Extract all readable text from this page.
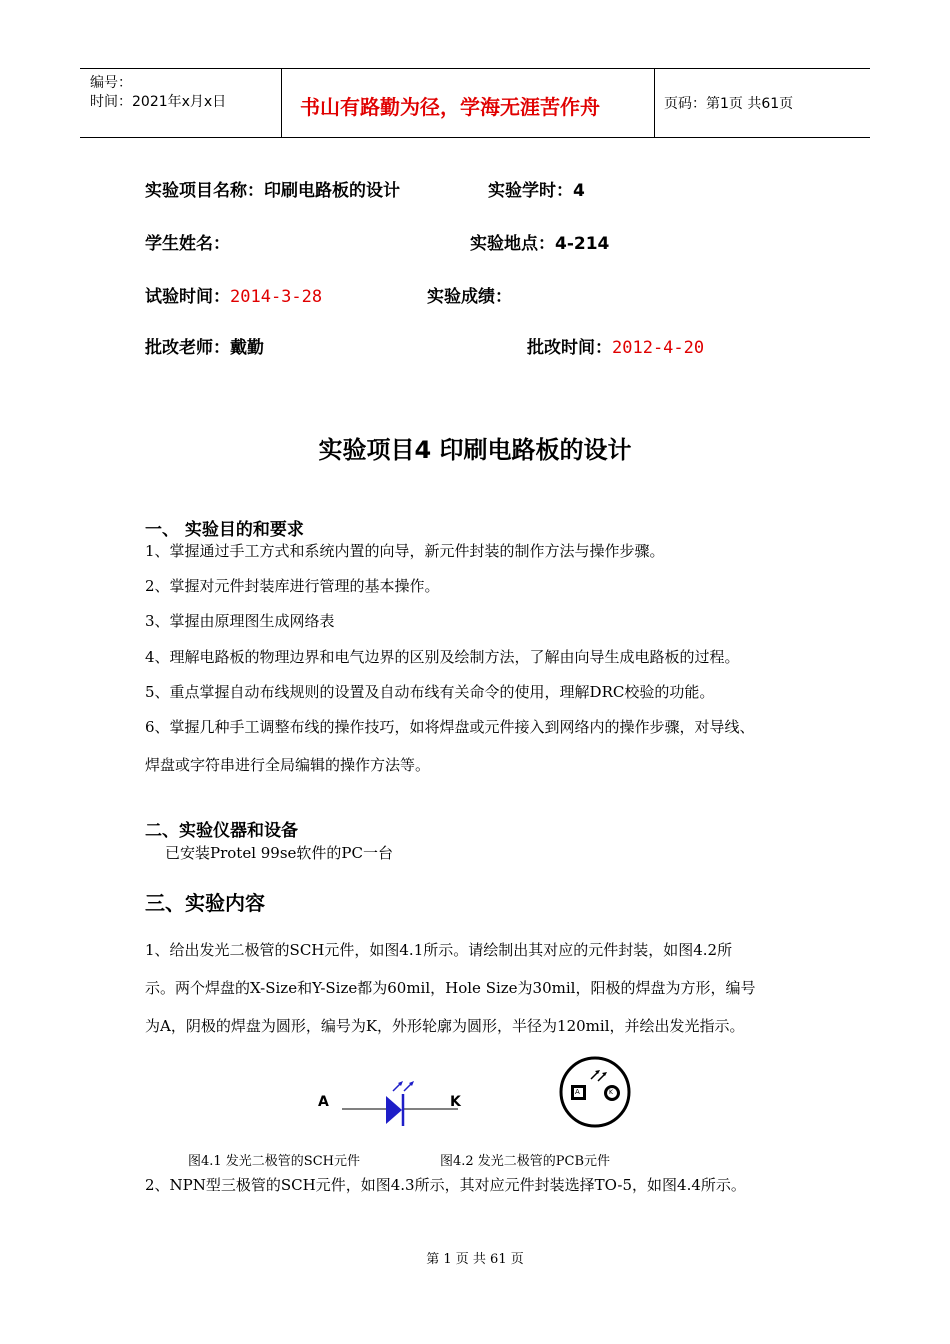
编号：
时间：2021年x月x日	书山有路勤为径，学海无涯苦作舟	页码：第1页 共61页
实验项目名称：印刷电路板的设计	实验学时：4
学生姓名：	实验地点：4-214
试验时间：2014-3-28	实验成绩：
批改老师：戴勤	批改时间：2012-4-20
实验项目4 印刷电路板的设计
一、 实验目的和要求
1、掌握通过手工方式和系统内置的向导，新元件封装的制作方法与操作步骤。
2、掌握对元件封装库进行管理的基本操作。
3、掌握由原理图生成网络表
4、理解电路板的物理边界和电气边界的区别及绘制方法，了解由向导生成电路板的过程。
5、重点掌握自动布线规则的设置及自动布线有关命令的使用，理解DRC校验的功能。
6、掌握几种手工调整布线的操作技巧，如将焊盘或元件接入到网络内的操作步骤，对导线、
焊盘或字符串进行全局编辑的操作方法等。
二、实验仪器和设备
已安装Protel 99se软件的PC一台
三、实验内容
1、给出发光二极管的SCH元件，如图4.1所示。请绘制出其对应的元件封装，如图4.2所
示。两个焊盘的X-Size和Y-Size都为60mil，Hole Size为30mil，阳极的焊盘为方形，编号
为A，阴极的焊盘为圆形，编号为K，外形轮廓为圆形，半径为120mil，并绘出发光指示。
A	K
A	K
图4.1 发光二极管的SCH元件	图4.2 发光二极管的PCB元件
2、NPN型三极管的SCH元件，如图4.3所示，其对应元件封装选择TO-5，如图4.4所示。
第 1 页 共 61 页
